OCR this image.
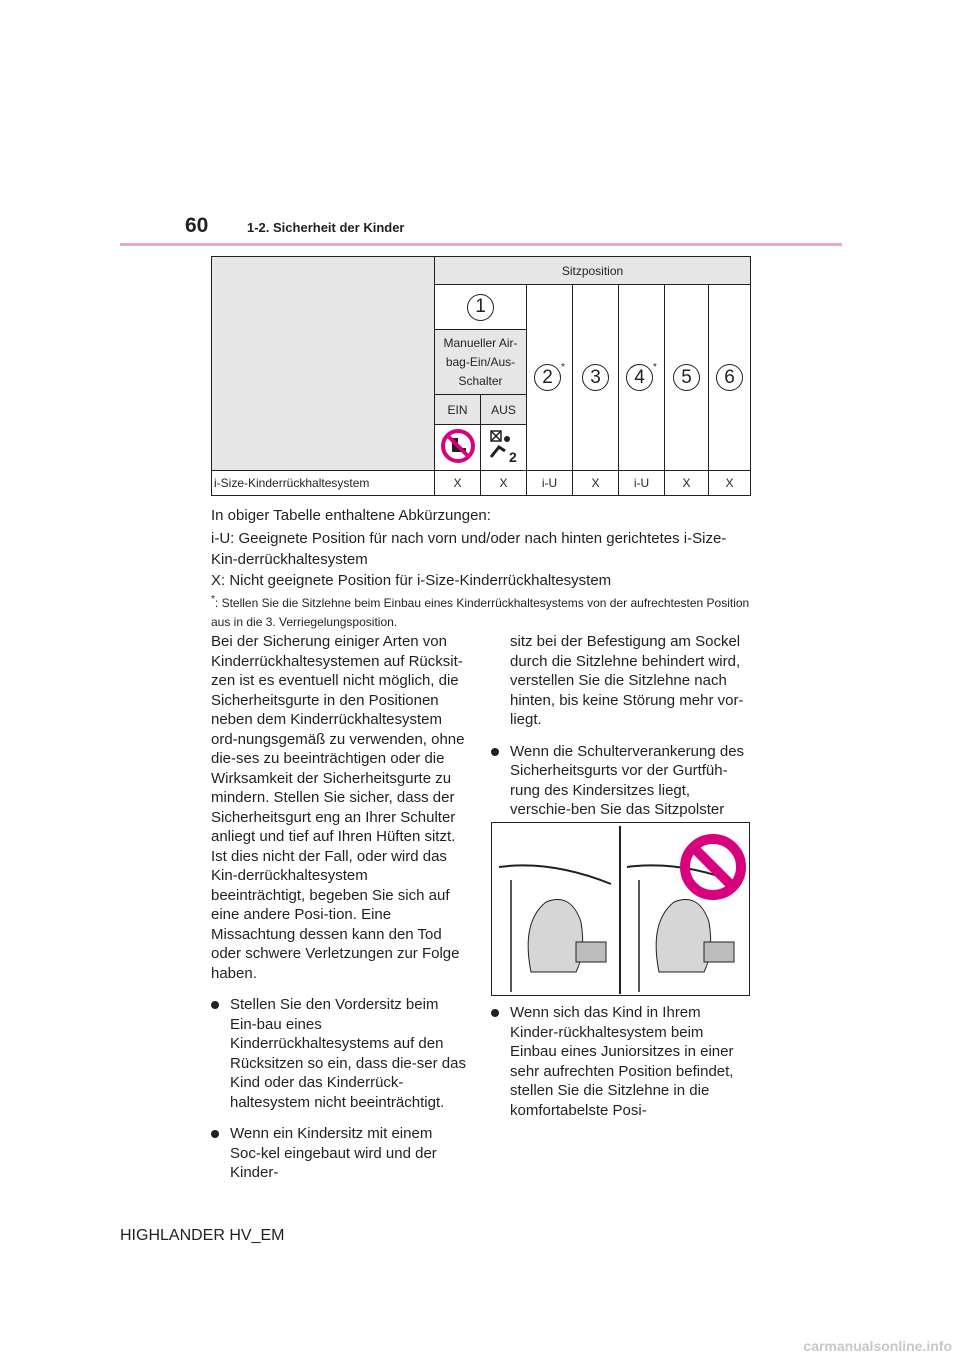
60	1-2. Sicherheit der Kinder
	Sitzposition						
	1		2 *	3	4 *	5	6
	Manueller Air-bag-Ein/Aus-Schalter						
	EIN	AUS					

2					

i-Size-Kinderrückhaltesystem	X	X	i-U	X	i-U	X	X
In obiger Tabelle enthaltene Abkürzungen:
i-U: Geeignete Position für nach vorn und/oder nach hinten gerichtetes i-Size-Kin-derrückhaltesystem
X: Nicht geeignete Position für i-Size-Kinderrückhaltesystem
*: Stellen Sie die Sitzlehne beim Einbau eines Kinderrückhaltesystems von der aufrechtesten Position aus in die 3. Verriegelungsposition.
Bei der Sicherung einiger Arten von Kinderrückhaltesystemen auf Rücksit-zen ist es eventuell nicht möglich, die Sicherheitsgurte in den Positionen neben dem Kinderrückhaltesystem ord-nungsgemäß zu verwenden, ohne die-ses zu beeinträchtigen oder die Wirksamkeit der Sicherheitsgurte zu mindern. Stellen Sie sicher, dass der Sicherheitsgurt eng an Ihrer Schulter anliegt und tief auf Ihren Hüften sitzt. Ist dies nicht der Fall, oder wird das Kin-derrückhaltesystem beeinträchtigt, begeben Sie sich auf eine andere Posi-tion. Eine Missachtung dessen kann den Tod oder schwere Verletzungen zur Folge haben.
Stellen Sie den Vordersitz beim Ein-bau eines Kinderrückhaltesystems auf den Rücksitzen so ein, dass die-ser das Kind oder das Kinderrück-haltesystem nicht beeinträchtigt.
Wenn ein Kindersitz mit einem Soc-kel eingebaut wird und der Kinder-
sitz bei der Befestigung am Sockel durch die Sitzlehne behindert wird, verstellen Sie die Sitzlehne nach hinten, bis keine Störung mehr vor-liegt.
Wenn die Schulterverankerung des Sicherheitsgurts vor der Gurtfüh-rung des Kindersitzes liegt, verschie-ben Sie das Sitzpolster
Wenn sich das Kind in Ihrem Kinder-rückhaltesystem beim Einbau eines Juniorsitzes in einer sehr aufrechten Position befindet, stellen Sie die Sitzlehne in die komfortabelste Posi-
HIGHLANDER HV_EM
carmanualsonline.info
